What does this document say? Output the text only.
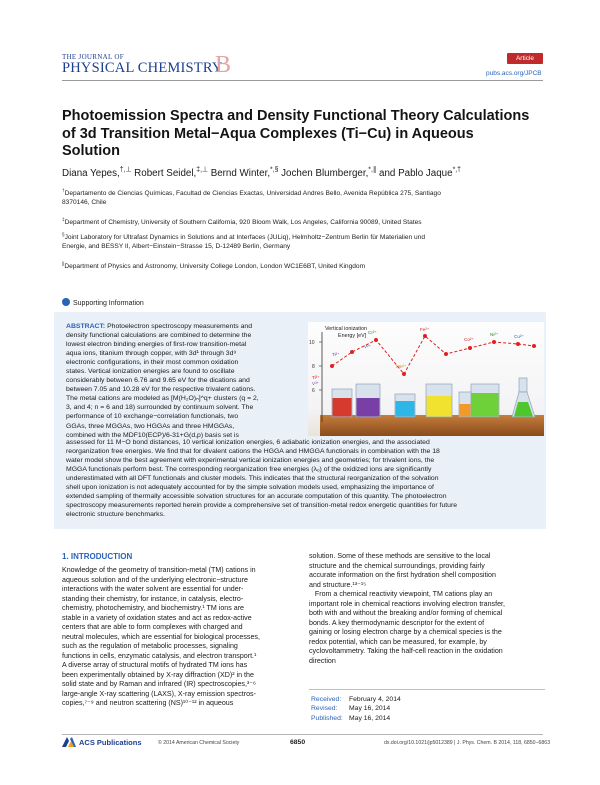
THE JOURNAL OF
PHYSICAL CHEMISTRY
B	Article
pubs.acs.org/JPCB
Photoemission Spectra and Density Functional Theory Calculations
of 3d Transition Metal−Aqua Complexes (Ti−Cu) in Aqueous
Solution
Diana Yepes,†,⊥ Robert Seidel,‡,⊥ Bernd Winter,*,§ Jochen Blumberger,*,∥ and Pablo Jaque*,†
†Departamento de Ciencias Químicas, Facultad de Ciencias Exactas, Universidad Andres Bello, Avenida República 275, Santiago
8370146, Chile
‡Department of Chemistry, University of Southern California, 920 Bloom Walk, Los Angeles, California 90089, United States
§Joint Laboratory for Ultrafast Dynamics in Solutions and at Interfaces (JULiq), Helmholtz−Zentrum Berlin für Materialien und
Energie, and BESSY II, Albert−Einstein−Strasse 15, D-12489 Berlin, Germany
∥Department of Physics and Astronomy, University College London, London WC1E6BT, United Kingdom
Supporting Information
ABSTRACT: Photoelectron spectroscopy measurements and
density functional calculations are combined to determine the
lowest electron binding energies of first-row transition-metal
aqua ions, titanium through copper, with 3d¹ through 3d⁹
electronic configurations, in their most common oxidation
states. Vertical ionization energies are found to oscillate
considerably between 6.76 and 9.65 eV for the dications and
between 7.05 and 10.28 eV for the respective trivalent cations.
The metal cations are modeled as [M(H₂O)ₙ]^q+ clusters (q = 2,
3, and 4; n = 6 and 18) surrounded by continuum solvent. The
performance of 10 exchange−correlation functionals, two
GGAs, three MGGAs, two HGGAs and three HMGGAs,
combined with the MDF10(ECP)/6-31+G(d,p) basis set is
assessed for 11 M−O bond distances, 10 vertical ionization energies, 6 adiabatic ionization energies, and the associated
reorganization free energies. We find that for divalent cations the HGGA and HMGGA functionals in combination with the 18
water model show the best agreement with experimental vertical ionization energies and geometries; for trivalent ions, the
MGGA functionals perform best. The corresponding reorganization free energies (λₒ) of the oxidized ions are significantly
underestimated with all DFT functionals and cluster models. This indicates that the structural reorganization of the solvation
shell upon ionization is not adequately accounted for by the simple solvation models used, emphasizing the importance of
extended sampling of thermally accessible solvation structures for an accurate computation of this quantity. The photoelectron
spectroscopy measurements reported herein provide a comprehensive set of transition-metal redox energetic quantities for future
electronic structure benchmarks.
10
8
6
Vertical ionization
Energy [eV]
Ti³⁺
V³⁺
Ti²⁺
V²⁺
Cr²⁺
Fe²⁺
Co²⁺
Ni²⁺	Cu²⁺
Mn²⁺
1. INTRODUCTION
Knowledge of the geometry of transition-metal (TM) cations in
aqueous solution and of the underlying electronic−structure
interactions with the water solvent are essential for under-
standing their chemistry, for instance, in catalysis, electro-
chemistry, photochemistry, and biochemistry.¹ TM ions are
stable in a variety of oxidation states and act as redox-active
centers that are able to form complexes with charged and
neutral molecules, which are essential for biological processes,
such as the regulation of metabolic processes, signaling
functions in cells, enzymatic catalysis, and electron transport.¹
A diverse array of structural motifs of hydrated TM ions has
been experimentally obtained by X-ray diffraction (XD)² in the
solid state and by Raman and infrared (IR) spectroscopies,³⁻⁶
large-angle X-ray scattering (LAXS), X-ray emission spectros-
copies,⁷⁻⁹ and neutron scattering (NS)¹⁰⁻¹² in aqueous
solution. Some of these methods are sensitive to the local
structure and the chemical surroundings, providing fairly
accurate information on the first hydration shell composition
and structure.¹³⁻¹⁵
From a chemical reactivity viewpoint, TM cations play an
important role in chemical reactions involving electron transfer,
both with and without the breaking and/or forming of chemical
bonds. A key thermodynamic descriptor for the extent of
gaining or losing electron charge by a chemical species is the
redox potential, which can be measured, for example, by
cyclovoltammetry. Taking the half-cell reaction in the oxidation
direction
Received: February 4, 2014
Revised: May 16, 2014
Published: May 16, 2014
ACS Publications	© 2014 American Chemical Society	6850	dx.doi.org/10.1021/jp5012389 | J. Phys. Chem. B 2014, 118, 6850−6863
